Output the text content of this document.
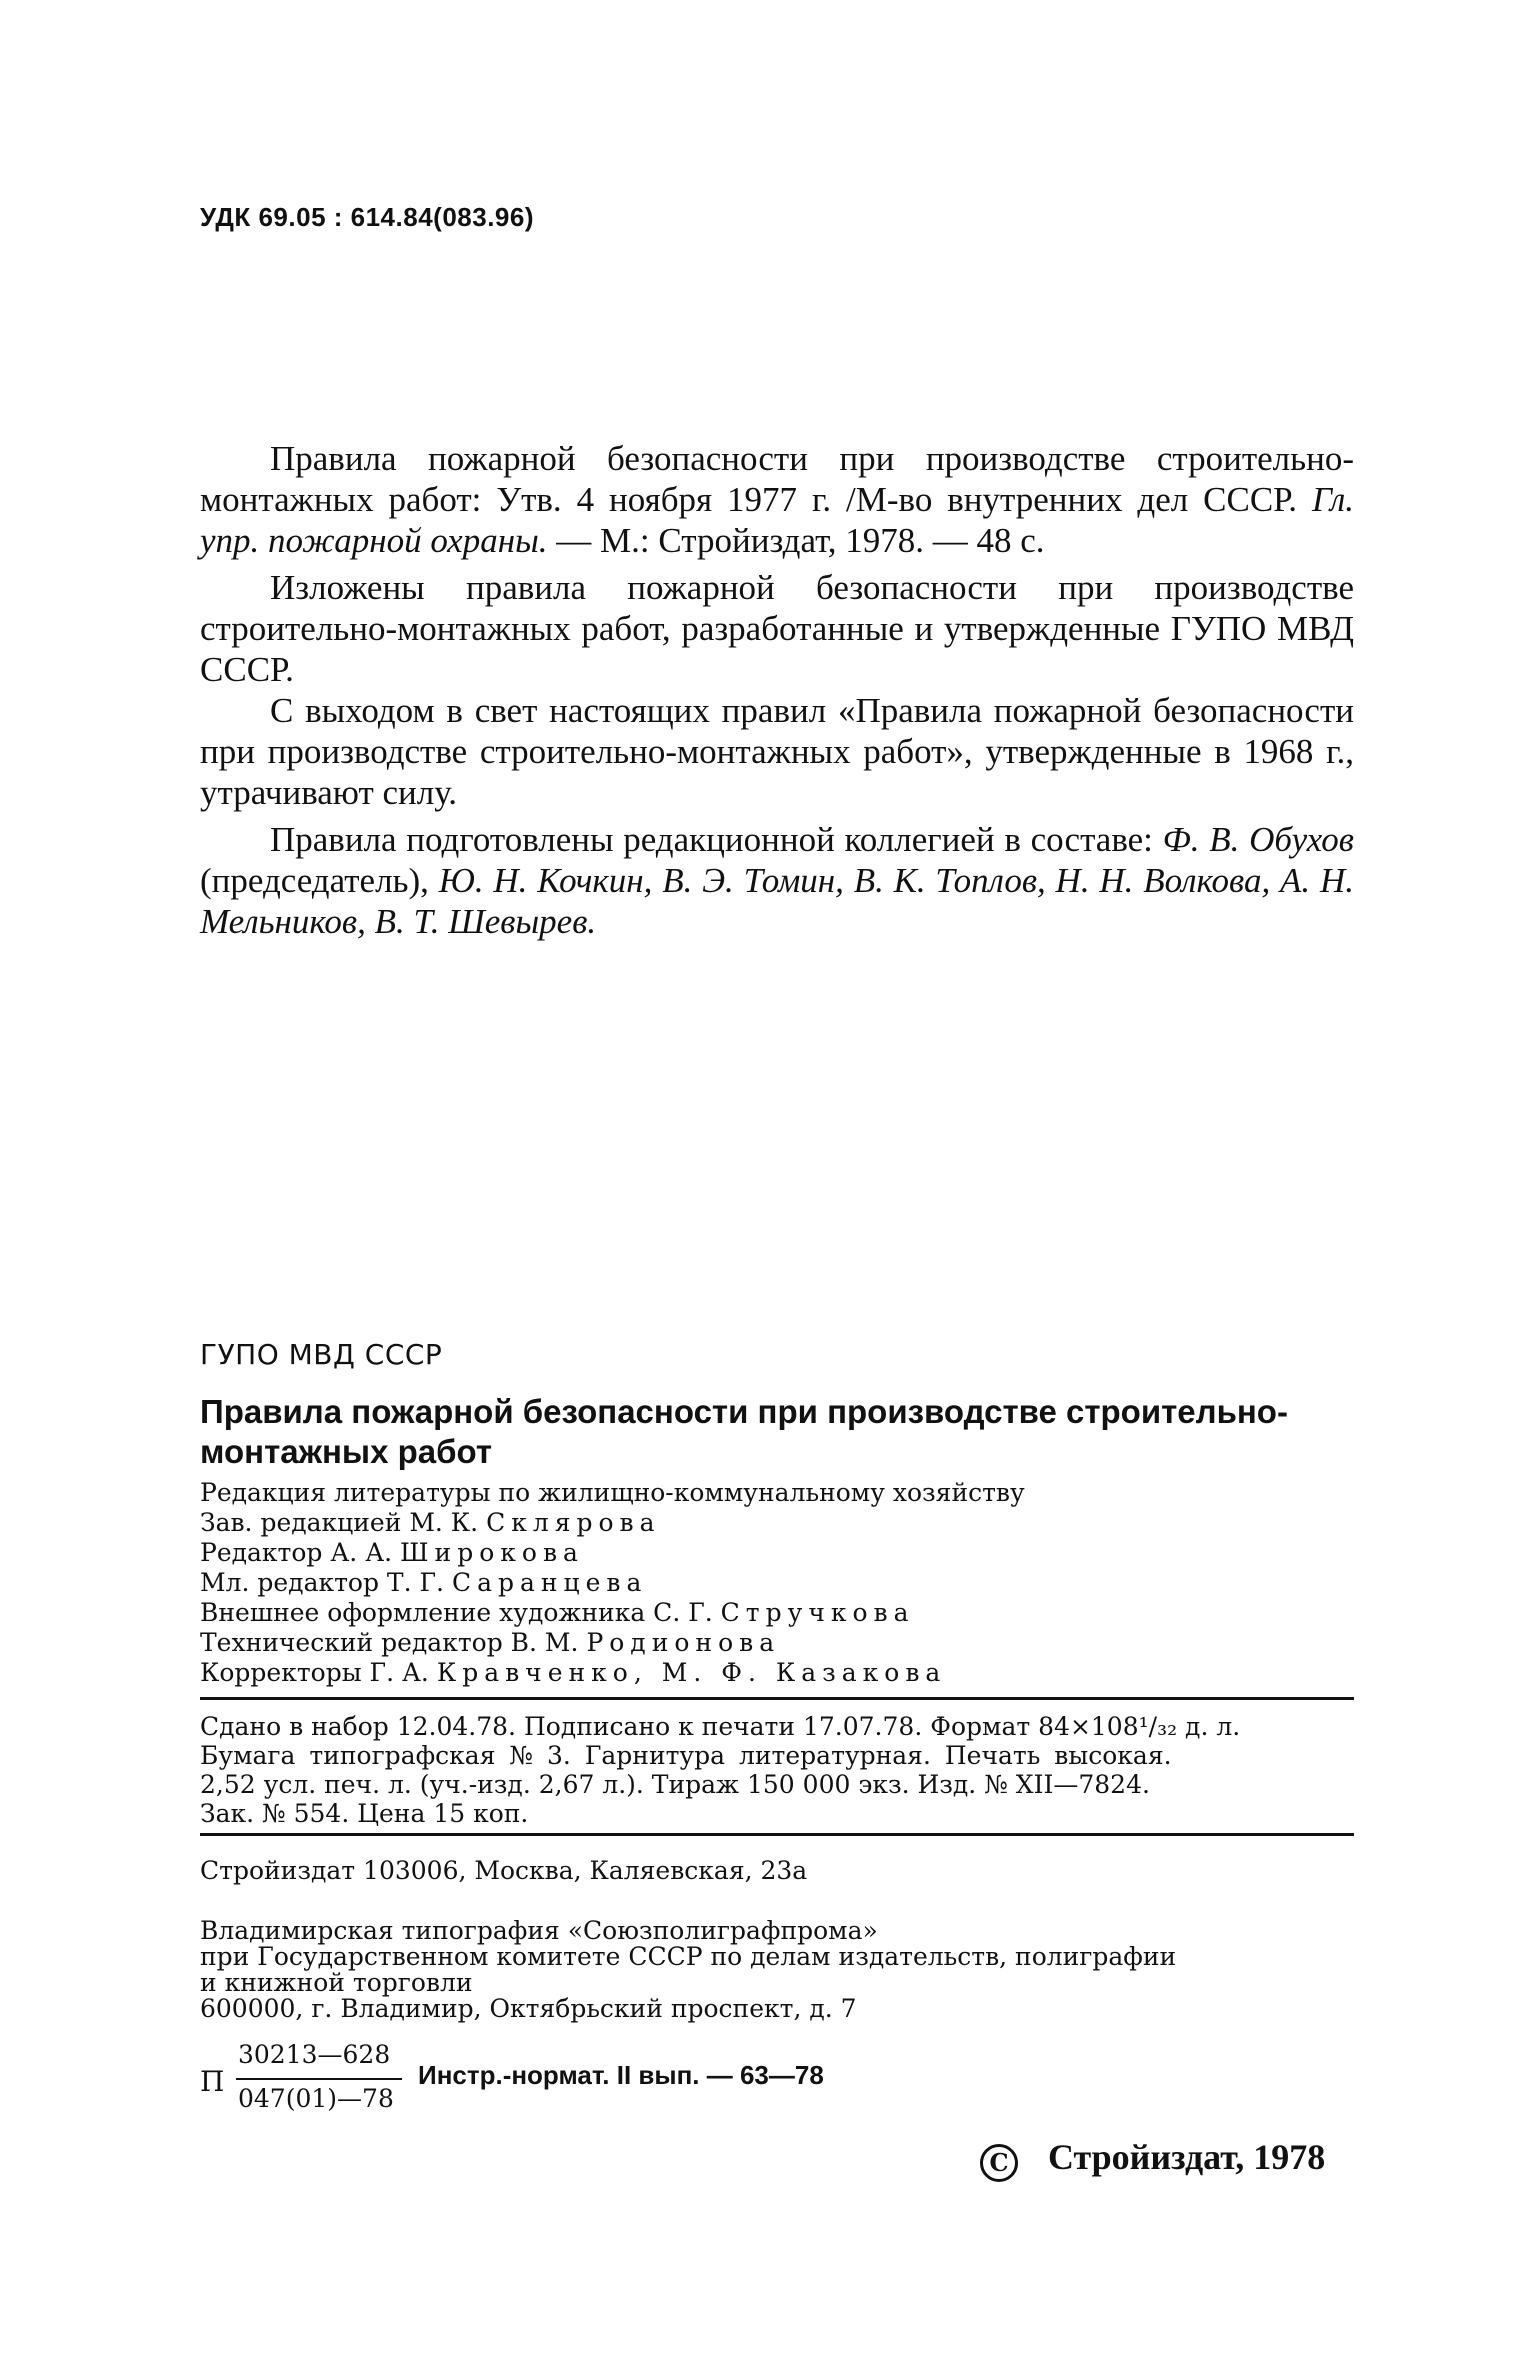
УДК 69.05 : 614.84(083.96)

Правила пожарной безопасности при производстве строительно-монтажных работ: Утв. 4 ноября 1977 г. /М-во внутренних дел СССР. Гл. упр. пожарной охраны. — М.: Стройиздат, 1978. — 48 с.

Изложены правила пожарной безопасности при производстве строительно-монтажных работ, разработанные и утвержденные ГУПО МВД СССР.

С выходом в свет настоящих правил «Правила пожарной безопасности при производстве строительно-монтажных работ», утвержденные в 1968 г., утрачивают силу.

Правила подготовлены редакционной коллегией в составе: Ф. В. Обухов (председатель), Ю. Н. Кочкин, В. Э. Томин, В. К. Топлов, Н. Н. Волкова, А. Н. Мельников, В. Т. Шевырев.

ГУПО МВД СССР
Правила пожарной безопасности при производстве строительно-монтажных работ
Редакция литературы по жилищно-коммунальному хозяйству
Зав. редакцией М. К. Склярова
Редактор А. А. Широкова
Мл. редактор Т. Г. Саранцева
Внешнее оформление художника С. Г. Стручкова
Технический редактор В. М. Родионова
Корректоры Г. А. Кравченко, М. Ф. Казакова
Сдано в набор 12.04.78. Подписано к печати 17.07.78. Формат 84×108¹/₃₂ д. л.
Бумага типографская № 3. Гарнитура литературная. Печать высокая.
2,52 усл. печ. л. (уч.-изд. 2,67 л.). Тираж 150 000 экз. Изд. № XII—7824.
Зак. № 554. Цена 15 коп.
Стройиздат 103006, Москва, Каляевская, 23а
Владимирская типография «Союзполиграфпрома»
при Государственном комитете СССР по делам издательств, полиграфии
и книжной торговли
600000, г. Владимир, Октябрьский проспект, д. 7
П
30213—628
047(01)—78
Инстр.-нормат. II вып. — 63—78
C Стройиздат, 1978
